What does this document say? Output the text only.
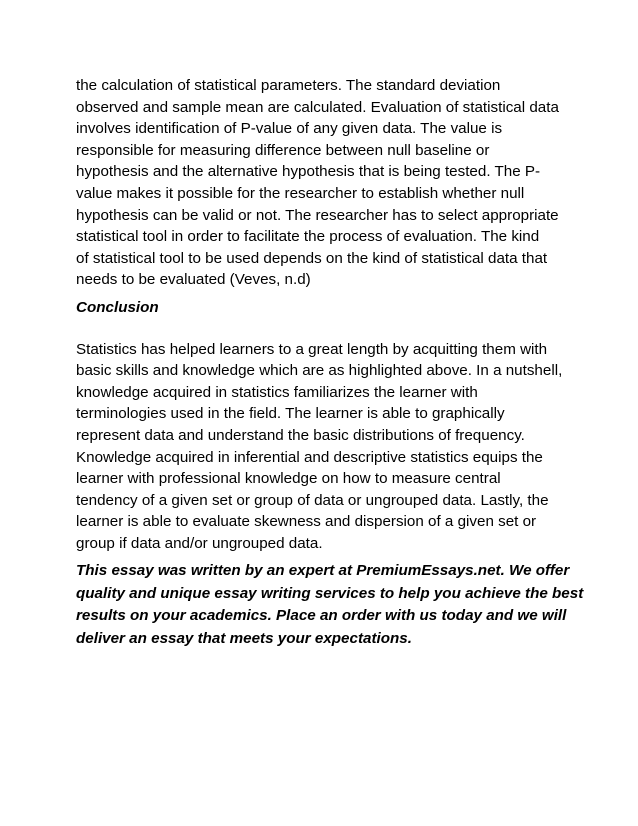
the calculation of statistical parameters. The standard deviation
observed and sample mean are calculated. Evaluation of statistical data
involves identification of P-value of any given data. The value is
responsible for measuring difference between null baseline or
hypothesis and the alternative hypothesis that is being tested. The P-
value makes it possible for the researcher to establish whether null
hypothesis can be valid or not. The researcher has to select appropriate
statistical tool in order to facilitate the process of evaluation. The kind
of statistical tool to be used depends on the kind of statistical data that
needs to be evaluated (Veves, n.d)

Conclusion

Statistics has helped learners to a great length by acquitting them with
basic skills and knowledge which are as highlighted above. In a nutshell,
knowledge acquired in statistics familiarizes the learner with
terminologies used in the field. The learner is able to graphically
represent data and understand the basic distributions of frequency.
Knowledge acquired in inferential and descriptive statistics equips the
learner with professional knowledge on how to measure central
tendency of a given set or group of data or ungrouped data. Lastly, the
learner is able to evaluate skewness and dispersion of a given set or
group if data and/or ungrouped data.

This essay was written by an expert at PremiumEssays.net. We offer
quality and unique essay writing services to help you achieve the best
results on your academics. Place an order with us today and we will
deliver an essay that meets your expectations.
